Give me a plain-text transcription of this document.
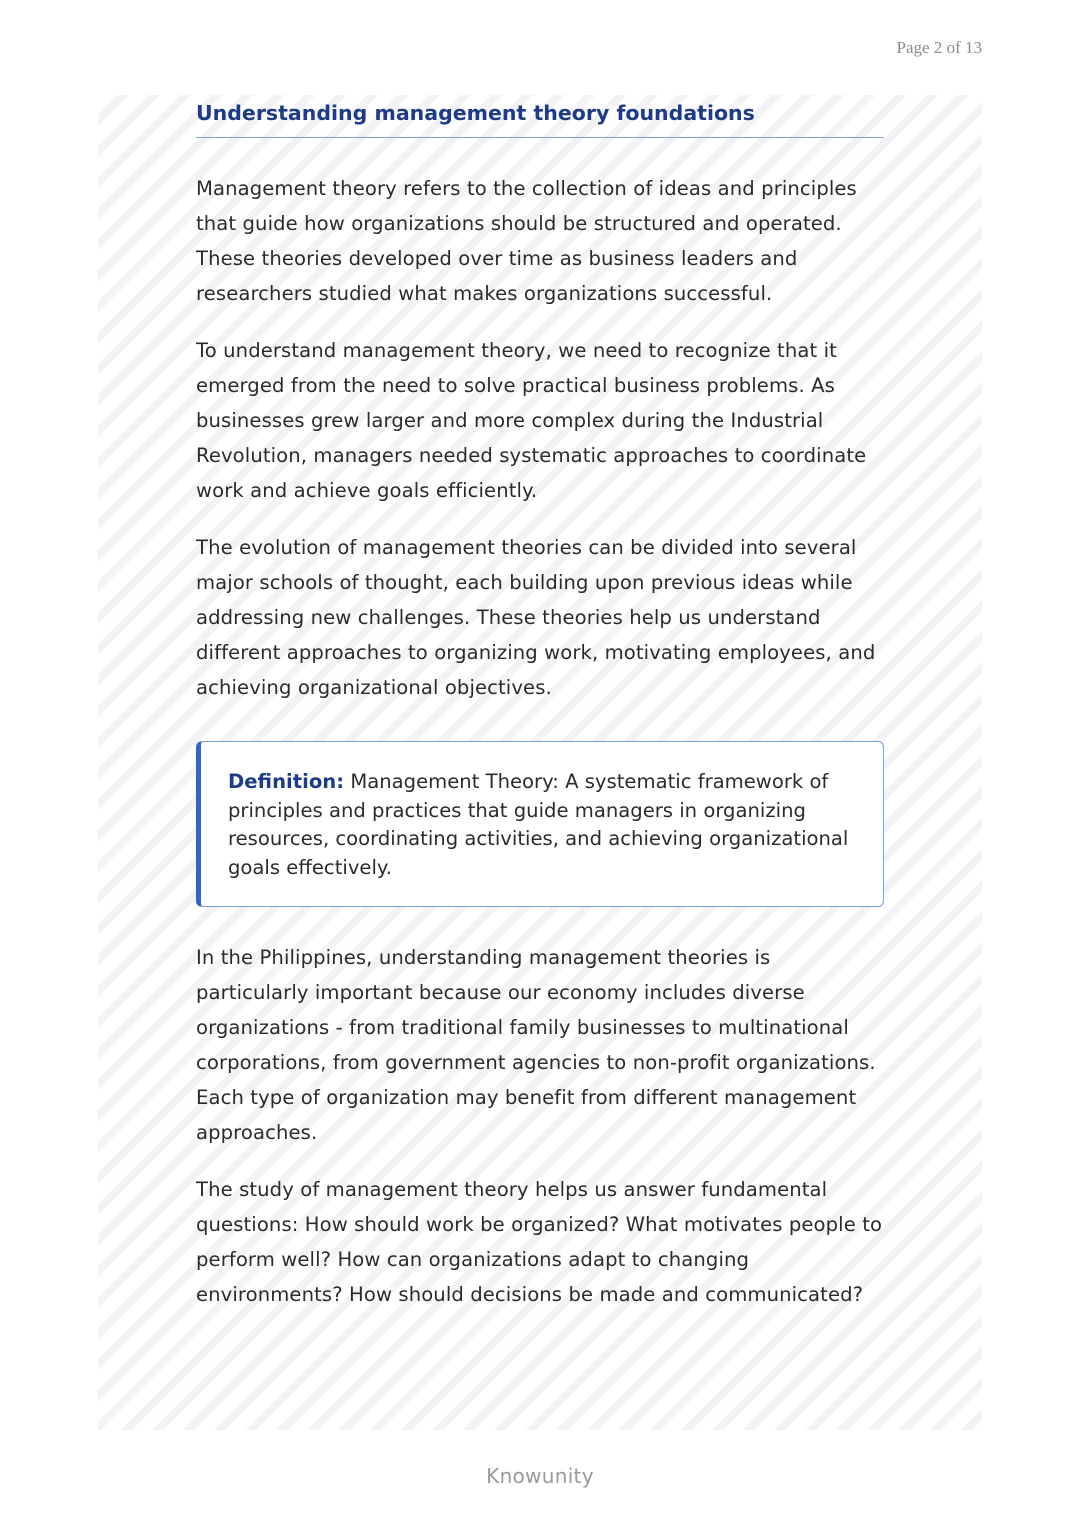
Page 2 of 13
Understanding management theory foundations

Management theory refers to the collection of ideas and principles that guide how organizations should be structured and operated. These theories developed over time as business leaders and researchers studied what makes organizations successful.

To understand management theory, we need to recognize that it emerged from the need to solve practical business problems. As businesses grew larger and more complex during the Industrial Revolution, managers needed systematic approaches to coordinate work and achieve goals efficiently.

The evolution of management theories can be divided into several major schools of thought, each building upon previous ideas while addressing new challenges. These theories help us understand different approaches to organizing work, motivating employees, and achieving organizational objectives.

Definition: Management Theory: A systematic framework of principles and practices that guide managers in organizing resources, coordinating activities, and achieving organizational goals effectively.

In the Philippines, understanding management theories is particularly important because our economy includes diverse organizations - from traditional family businesses to multinational corporations, from government agencies to non-profit organizations. Each type of organization may benefit from different management approaches.

The study of management theory helps us answer fundamental questions: How should work be organized? What motivates people to perform well? How can organizations adapt to changing environments? How should decisions be made and communicated?

Knowunity
